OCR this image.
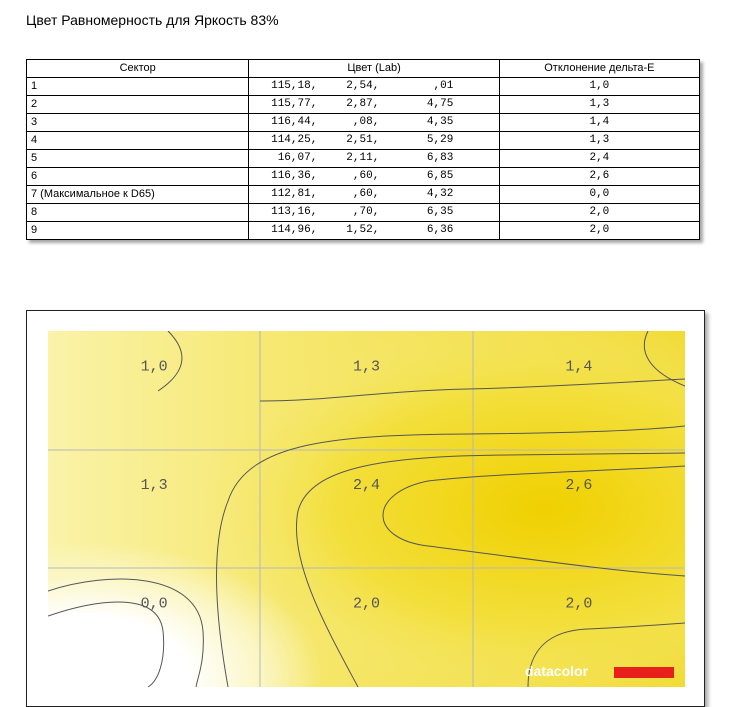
Цвет Равномерность для Яркость 83%
Сектор	Цвет (Lab)	Отклонение дельта-E
1	115,18, 2,54, ,01	1,0
2	115,77, 2,87, 4,75	1,3
3	116,44, ,08, 4,35	1,4
4	114,25, 2,51, 5,29	1,3
5	16,07, 2,11, 6,83	2,4
6	116,36, ,60, 6,85	2,6
7 (Максимальное к D65)	112,81, ,60, 4,32	0,0
8	113,16, ,70, 6,35	2,0
9	114,96, 1,52, 6,36	2,0
1,0	1,3	1,4
1,3	2,4	2,6
0,0	2,0	2,0
datacolor
